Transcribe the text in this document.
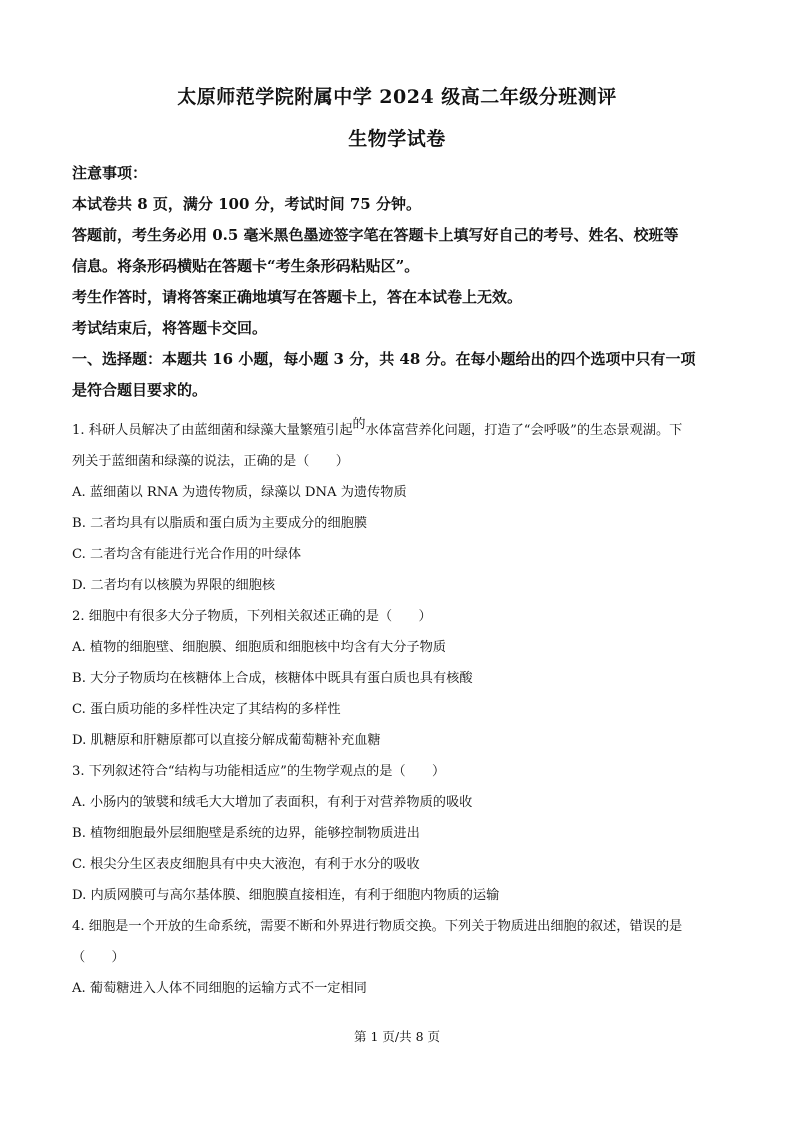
太原师范学院附属中学 2024 级高二年级分班测评
生物学试卷

注意事项：

本试卷共 8 页，满分 100 分，考试时间 75 分钟。

答题前，考生务必用 0.5 毫米黑色墨迹签字笔在答题卡上填写好自己的考号、姓名、校班等

信息。将条形码横贴在答题卡“考生条形码粘贴区”。

考生作答时，请将答案正确地填写在答题卡上，答在本试卷上无效。

考试结束后，将答题卡交回。

一、选择题：本题共 16 小题，每小题 3 分，共 48 分。在每小题给出的四个选项中只有一项

是符合题目要求的。

1. 科研人员解决了由蓝细菌和绿藻大量繁殖引起的水体富营养化问题，打造了“会呼吸”的生态景观湖。下

列关于蓝细菌和绿藻的说法，正确的是（　　）

A. 蓝细菌以 RNA 为遗传物质，绿藻以 DNA 为遗传物质

B. 二者均具有以脂质和蛋白质为主要成分的细胞膜

C. 二者均含有能进行光合作用的叶绿体

D. 二者均有以核膜为界限的细胞核

2. 细胞中有很多大分子物质，下列相关叙述正确的是（　　）

A. 植物的细胞壁、细胞膜、细胞质和细胞核中均含有大分子物质

B. 大分子物质均在核糖体上合成，核糖体中既具有蛋白质也具有核酸

C. 蛋白质功能的多样性决定了其结构的多样性

D. 肌糖原和肝糖原都可以直接分解成葡萄糖补充血糖

3. 下列叙述符合“结构与功能相适应”的生物学观点的是（　　）

A. 小肠内的皱襞和绒毛大大增加了表面积，有利于对营养物质的吸收

B. 植物细胞最外层细胞壁是系统的边界，能够控制物质进出

C. 根尖分生区表皮细胞具有中央大液泡，有利于水分的吸收

D. 内质网膜可与高尔基体膜、细胞膜直接相连，有利于细胞内物质的运输

4. 细胞是一个开放的生命系统，需要不断和外界进行物质交换。下列关于物质进出细胞的叙述，错误的是

（　　）

A. 葡萄糖进入人体不同细胞的运输方式不一定相同

第 1 页/共 8 页
